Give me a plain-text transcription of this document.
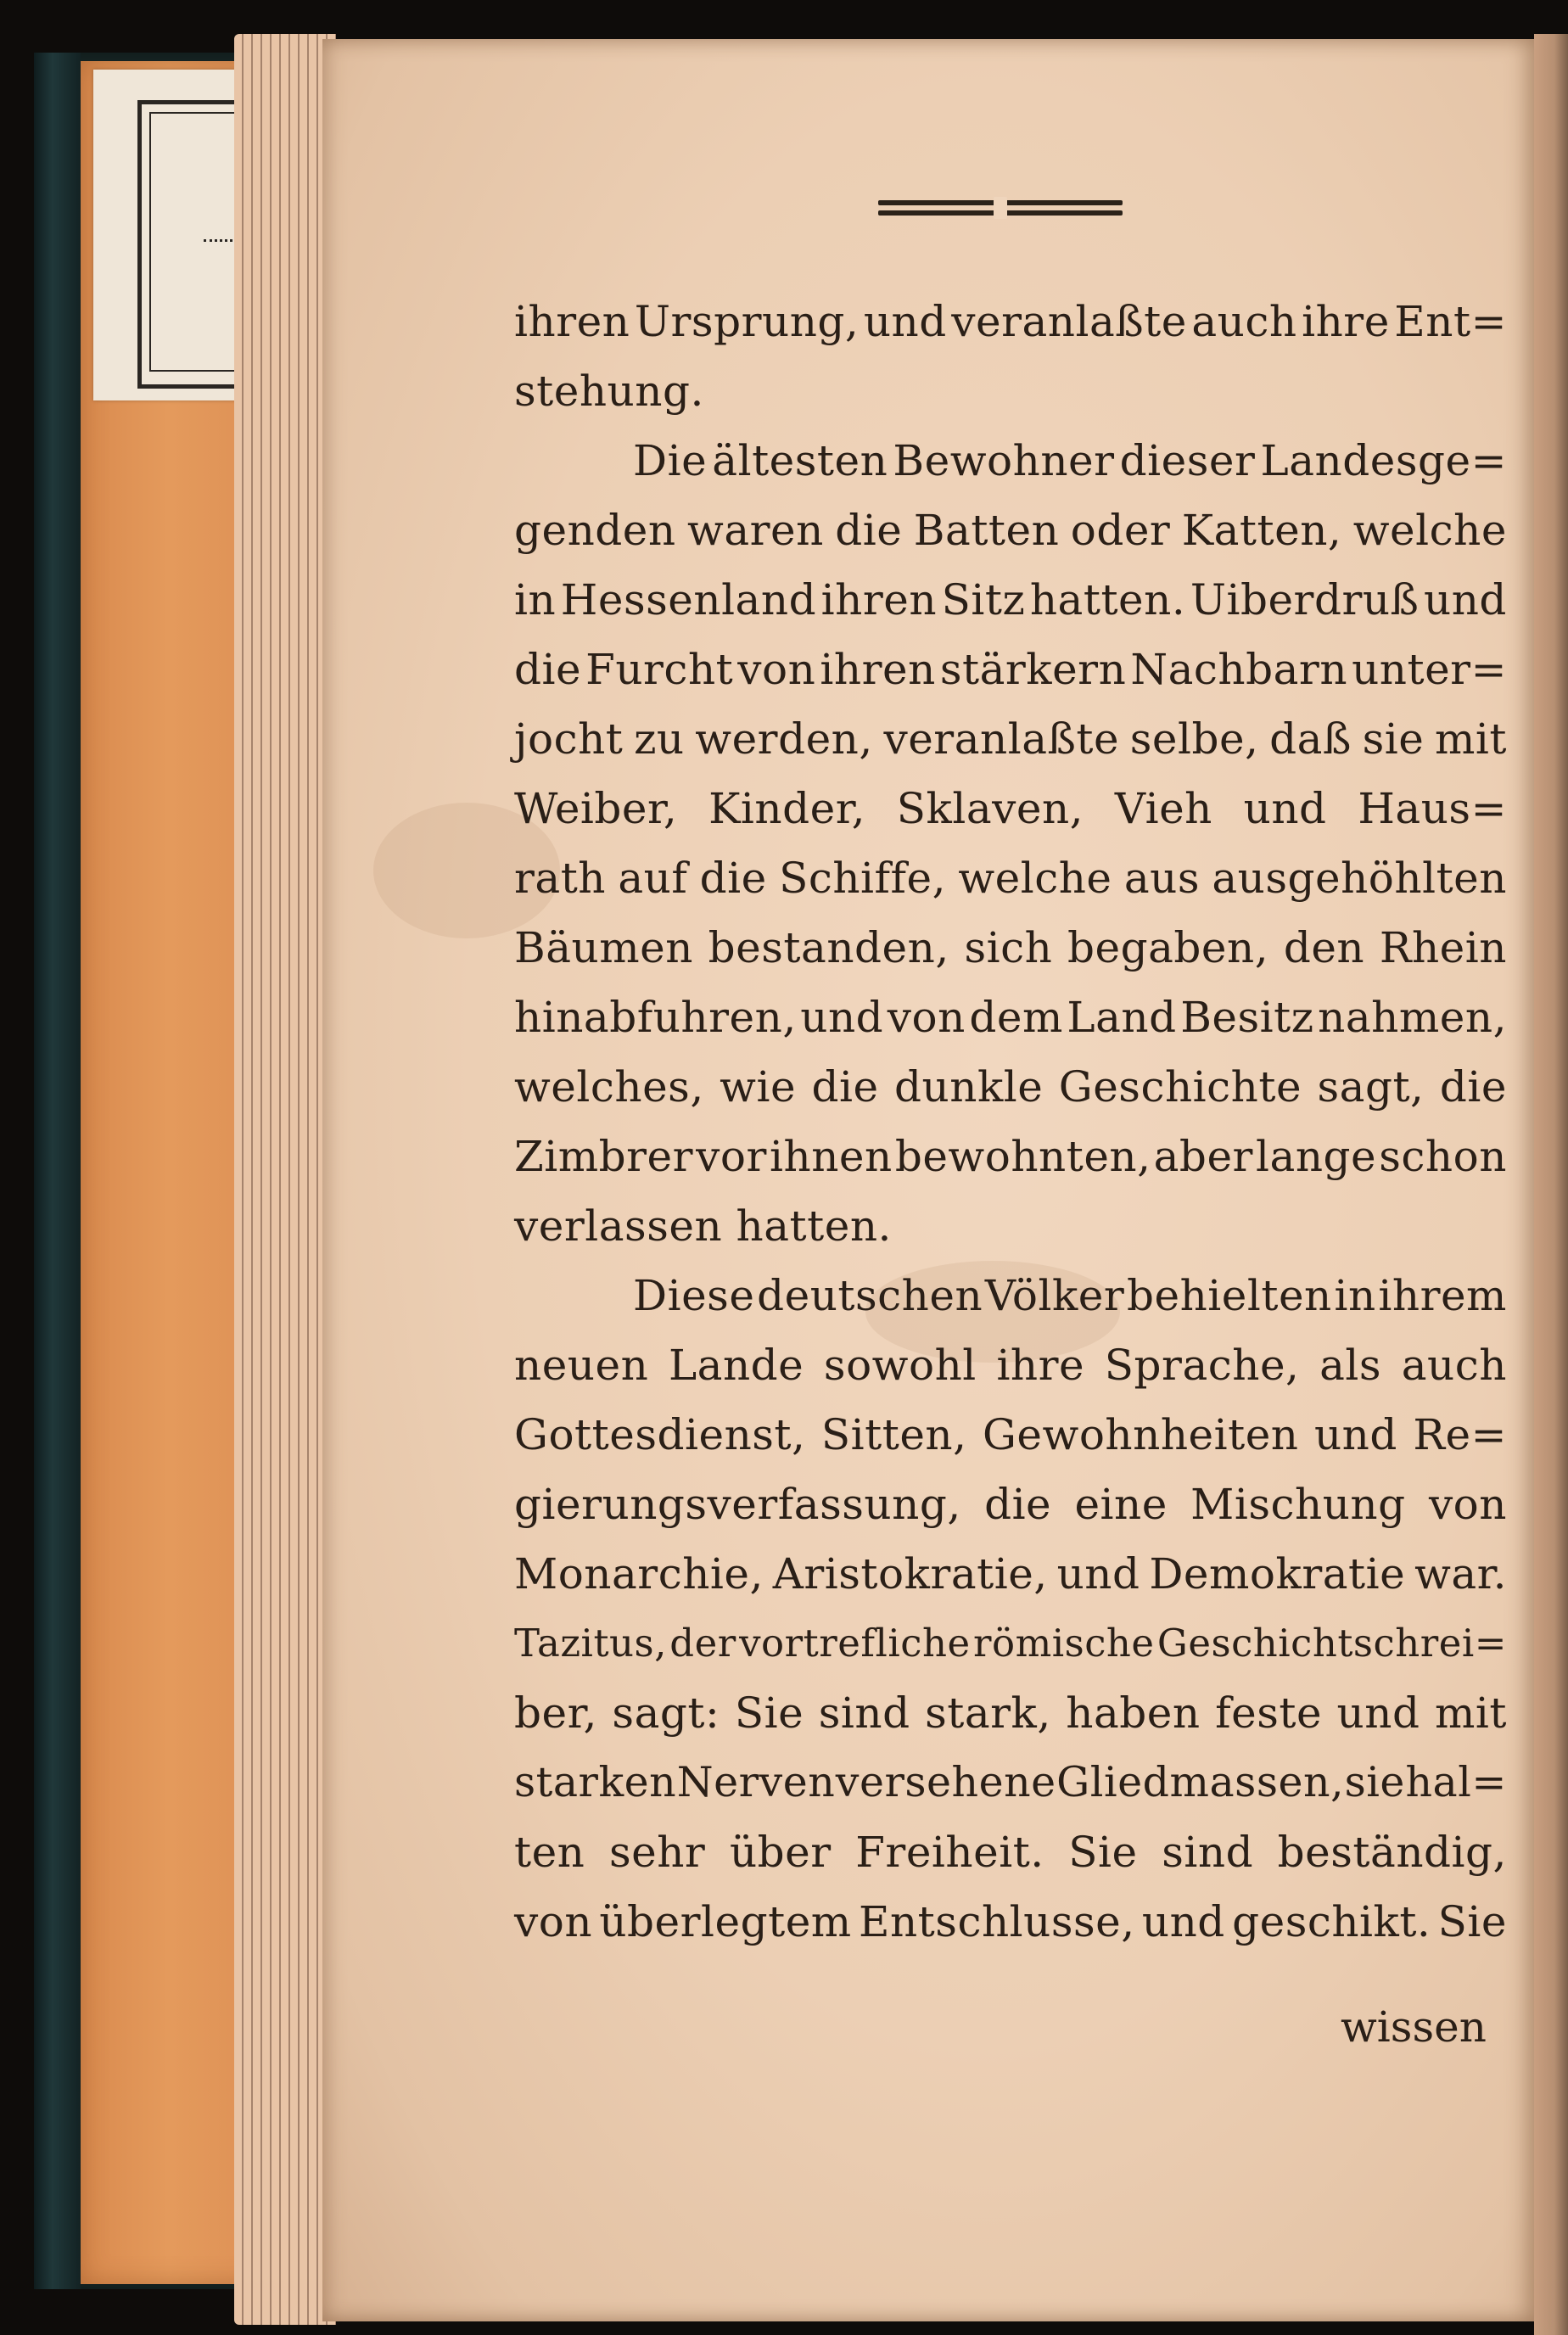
ihren Ursprung, und veranlaßte auch ihre Ent=
stehung.
Die ältesten Bewohner dieser Landesge=
genden waren die Batten oder Katten, welche
in Hessenland ihren Sitz hatten. Uiberdruß und
die Furcht von ihren stärkern Nachbarn unter=
jocht zu werden, veranlaßte selbe, daß sie mit
Weiber, Kinder, Sklaven, Vieh und Haus=
rath auf die Schiffe, welche aus ausgehöhlten
Bäumen bestanden, sich begaben, den Rhein
hinabfuhren, und von dem Land Besitz nahmen,
welches, wie die dunkle Geschichte sagt, die
Zimbrer vor ihnen bewohnten, aber lange schon
verlassen hatten.
Diese deutschen Völker behielten in ihrem
neuen Lande sowohl ihre Sprache, als auch
Gottesdienst, Sitten, Gewohnheiten und Re=
gierungsverfassung, die eine Mischung von
Monarchie, Aristokratie, und Demokratie war.
Tazitus, der vortrefliche römische Geschichtschrei=
ber, sagt: Sie sind stark, haben feste und mit
starken Nerven versehene Gliedmassen, sie hal=
ten sehr über Freiheit. Sie sind beständig,
von überlegtem Entschlusse, und geschikt. Sie
wissen
